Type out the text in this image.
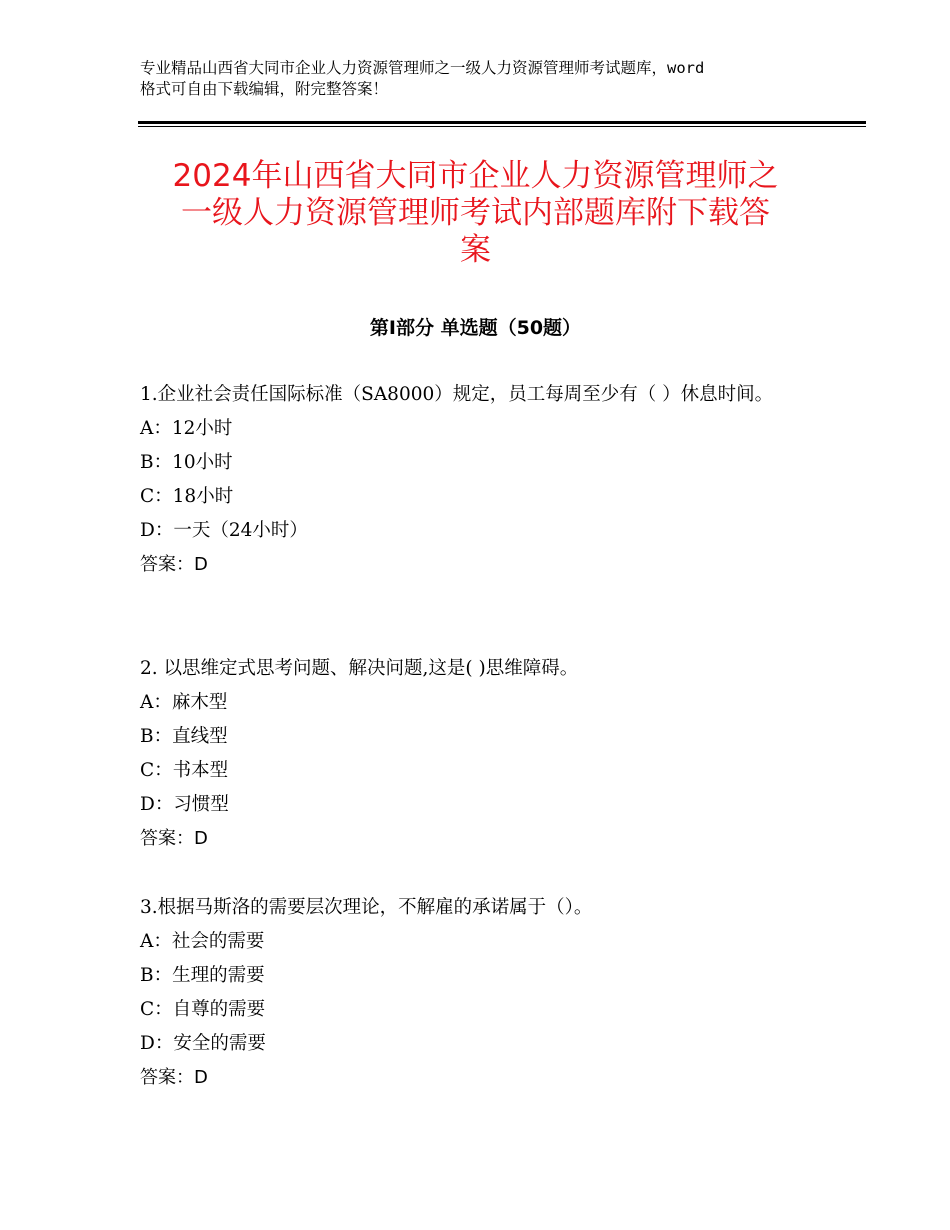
专业精品山西省大同市企业人力资源管理师之一级人力资源管理师考试题库，word
格式可自由下载编辑，附完整答案！
2024年山西省大同市企业人力资源管理师之
一级人力资源管理师考试内部题库附下载答
案
第Ⅰ部分 单选题（50题）

1.企业社会责任国际标准（SA8000）规定，员工每周至少有（ ）休息时间。

A：12小时

B：10小时

C：18小时

D：一天（24小时）

答案：D

2. 以思维定式思考问题、解决问题,这是( )思维障碍。

A：麻木型

B：直线型

C：书本型

D：习惯型

答案：D

3.根据马斯洛的需要层次理论，不解雇的承诺属于（）。

A：社会的需要

B：生理的需要

C：自尊的需要

D：安全的需要

答案：D
